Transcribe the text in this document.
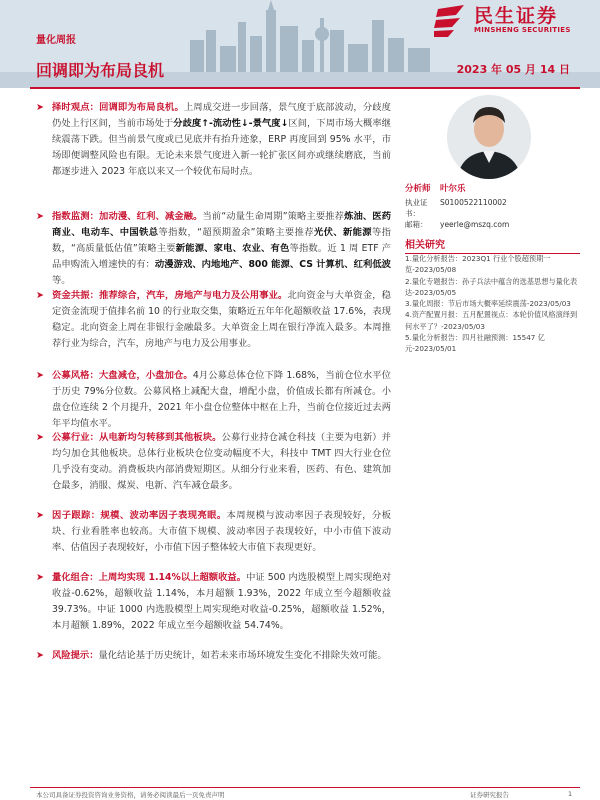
民生证券
MINSHENG SECURITIES
量化周报
回调即为布局良机	2023 年 05 月 14 日
➤ 择时观点：回调即为布局良机。上周成交进一步回落，景气度于底部波动，分歧度仍处上行区间，当前市场处于分歧度↑-流动性↓-景气度↓区间，下周市场大概率继续震荡下跌。但当前景气度或已见底并有抬升迹象，ERP 再度回到 95% 水平，市场即便调整风险也有限。无论未来景气度进入新一轮扩张区间亦或继续磨底，当前都逐步进入 2023 年底以来又一个较优布局时点。
➤ 指数监测：加动漫、红利、减金融。当前“动量生命周期”策略主要推荐炼油、医药商业、电动车、中国铁总等指数，“超预期盈余”策略主要推荐光伏、新能源等指数，“高质量低估值”策略主要新能源、家电、农业、有色等指数。近 1 周 ETF 产品申购流入增速快的有：动漫游戏、内地地产、800 能源、CS 计算机、红利低波等。
➤ 资金共振：推荐综合，汽车，房地产与电力及公用事业。北向资金与大单资金，稳定资金流现于值排名前 10 的行业取交集，策略近五年年化超额收益 17.6%，表现稳定。北向资金上周在非银行金融最多。大单资金上周在银行净流入最多。本周推荐行业为综合，汽车，房地产与电力及公用事业。
➤ 公募风格：大盘减仓，小盘加仓。4月公募总体仓位下降 1.68%，当前仓位水平位于历史 79%分位数。公募风格上减配大盘，增配小盘，价值成长都有所减仓。小盘仓位连续 2 个月提升，2021 年小盘仓位整体中枢在上升，当前仓位接近过去两年平均值水平。
➤ 公募行业：从电新均匀转移到其他板块。公募行业持仓减仓科技（主要为电新）并均匀加仓其他板块。总体行业板块仓位变动幅度不大，科技中 TMT 四大行业仓位几乎没有变动。消费板块内部消费短期区。从细分行业来看，医药、有色、建筑加仓最多，消服、煤炭、电新、汽车减仓最多。
➤ 因子跟踪：规模、波动率因子表现亮眼。本周规模与波动率因子表现较好，分板块、行业看胜率也较高。大市值下规模、波动率因子表现较好，中小市值下波动率、估值因子表现较好，小市值下因子整体较大市值下表现更好。
➤ 量化组合：上周均实现 1.14%以上超额收益。中证 500 内选股模型上周实现绝对收益-0.62%，超额收益 1.14%，本月超额 1.93%，2022 年成立至今超额收益 39.73%。中证 1000 内选股模型上周实现绝对收益-0.25%，超额收益 1.52%，本月超额 1.89%，2022 年成立至今超额收益 54.74%。
➤ 风险提示：量化结论基于历史统计，如若未来市场环境发生变化不排除失效可能。
分析师	叶尔乐
执业证书：
S0100522110002
邮箱：	yeerle@mszq.com
相关研究
1.量化分析报告：2023Q1 行业个股超预期一览-2023/05/08
2.量化专题报告：孙子兵法中蕴含的选基思想与量化表达-2023/05/05
3.量化周报：节后市场大概率延续震荡-2023/05/03
4.资产配置月报：五月配置视点：本轮价值风格演绎到何水平了？-2023/05/03
5.量化分析报告：四月社融预测：15547 亿元-2023/05/01
本公司具备证券投资咨询业务资格，请务必阅读最后一页免责声明	证券研究报告	1
